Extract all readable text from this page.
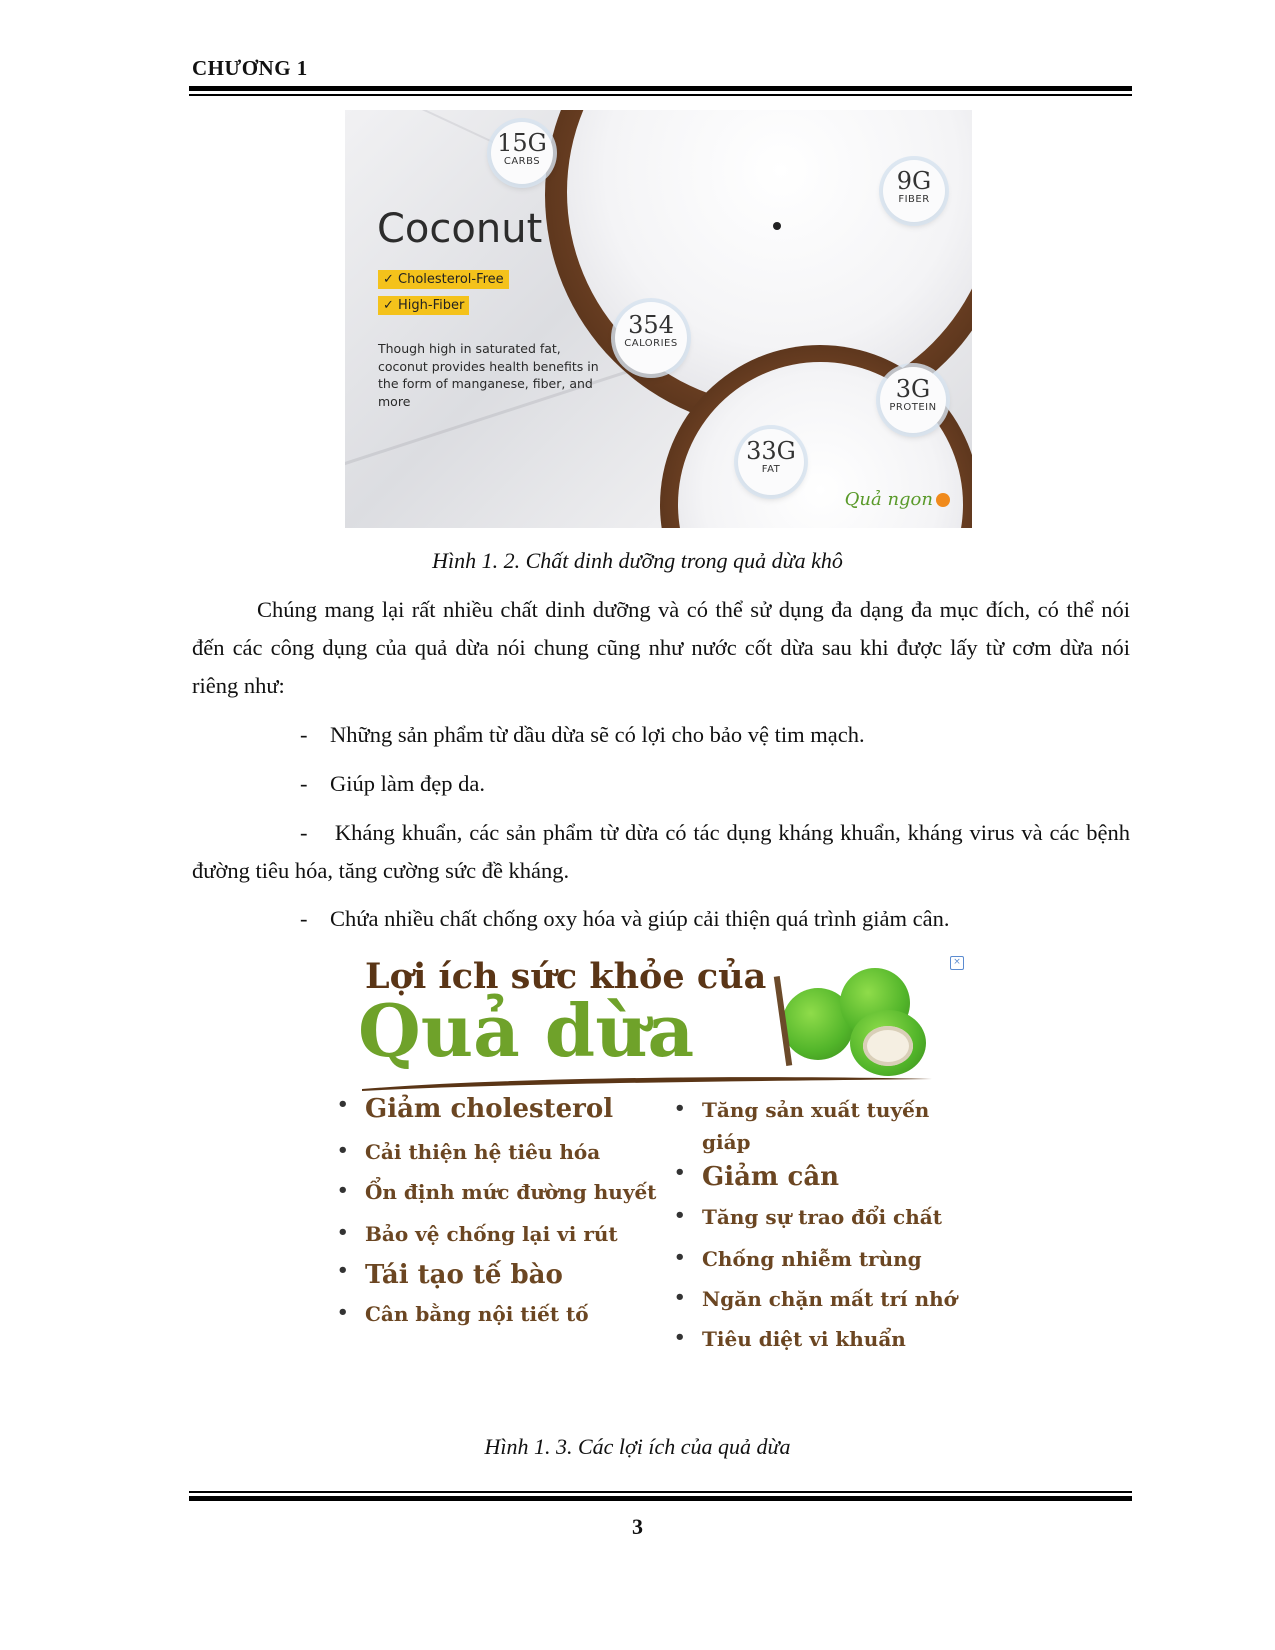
CHƯƠNG 1
Coconut
✓ Cholesterol-Free
✓ High-Fiber
Though high in saturated fat, coconut provides health benefits in the form of manganese, fiber, and more
15G
CARBS
9G
FIBER
354
CALORIES
3G
PROTEIN
33G
FAT
Quả ngon
Hình 1. 2. Chất dinh dưỡng trong quả dừa khô
Chúng mang lại rất nhiều chất dinh dưỡng và có thể sử dụng đa dạng đa mục đích, có thể nói đến các công dụng của quả dừa nói chung cũng như nước cốt dừa sau khi được lấy từ cơm dừa nói riêng như:
-    Những sản phẩm từ dầu dừa sẽ có lợi cho bảo vệ tim mạch.
-    Giúp làm đẹp da.
-    Kháng khuẩn, các sản phẩm từ dừa có tác dụng kháng khuẩn, kháng virus và các bệnh đường tiêu hóa, tăng cường sức đề kháng.
-    Chứa nhiều chất chống oxy hóa và giúp cải thiện quá trình giảm cân.
Lợi ích sức khỏe của
Quả dừa
×
• Giảm cholesterol
• Cải thiện hệ tiêu hóa
• Ổn định mức đường huyết
• Bảo vệ chống lại vi rút
• Tái tạo tế bào
• Cân bằng nội tiết tố
• Tăng sản xuất tuyến
giáp
• Giảm cân
• Tăng sự trao đổi chất
• Chống nhiễm trùng
• Ngăn chặn mất trí nhớ
• Tiêu diệt vi khuẩn
Hình 1. 3. Các lợi ích của quả dừa
3
